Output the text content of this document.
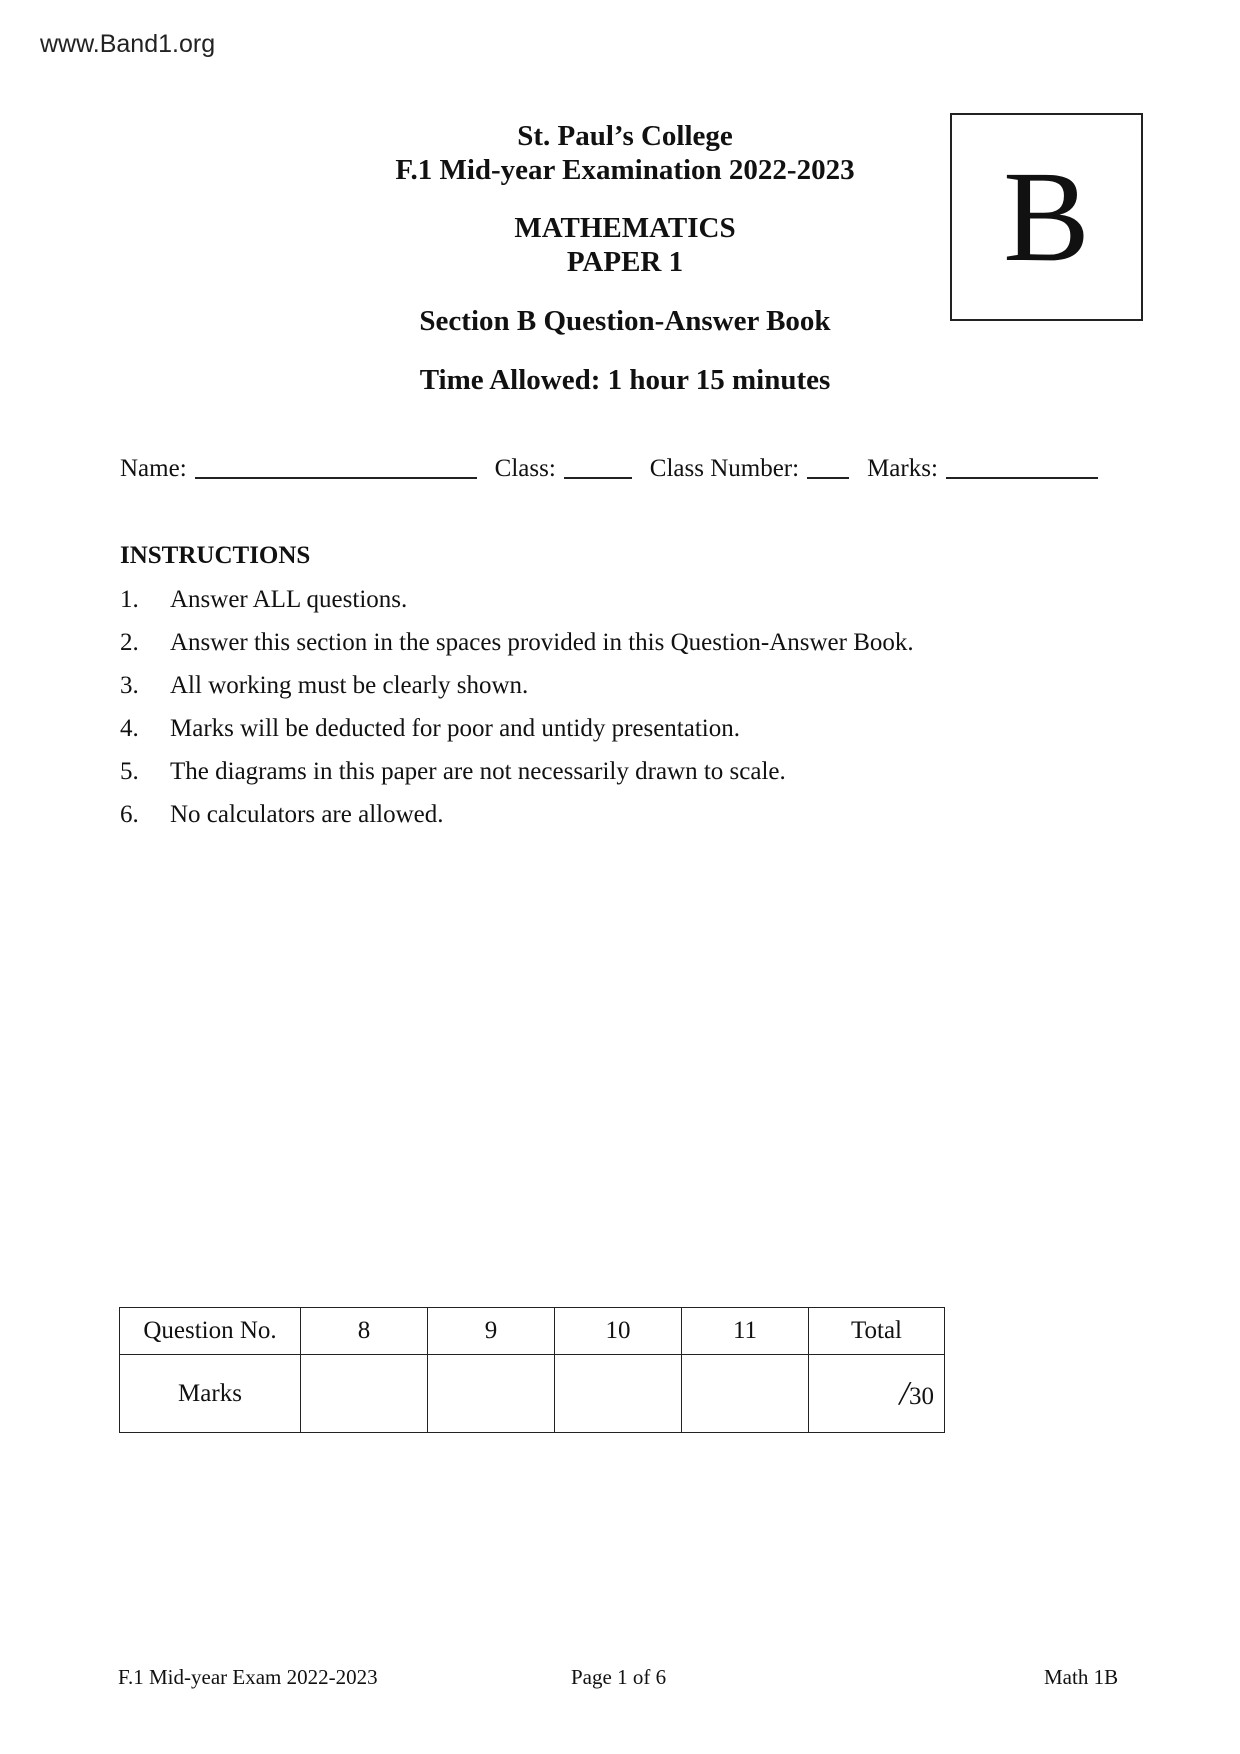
www.Band1.org
St. Paul’s College
F.1 Mid-year Examination 2022-2023
MATHEMATICS
PAPER 1
Section B Question-Answer Book
Time Allowed: 1 hour 15 minutes
B
Name:	Class:	Class Number:	Marks:
INSTRUCTIONS
1. Answer ALL questions.
2. Answer this section in the spaces provided in this Question-Answer Book.
3. All working must be clearly shown.
4. Marks will be deducted for poor and untidy presentation.
5. The diagrams in this paper are not necessarily drawn to scale.
6. No calculators are allowed.
Question No.	8	9	10	11	Total
Marks					/30
F.1 Mid-year Exam 2022-2023	Page 1 of 6	Math 1B
